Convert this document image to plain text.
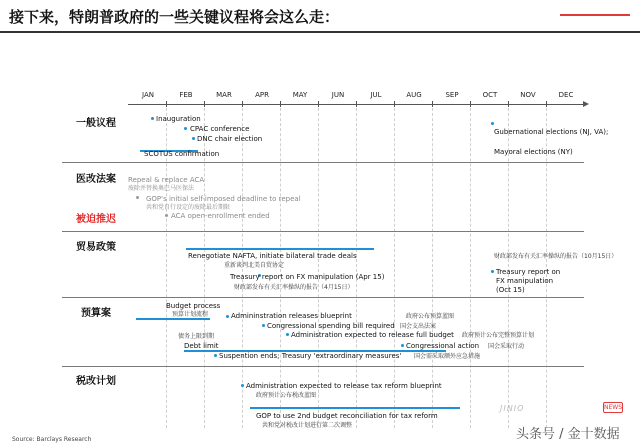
接下来，特朗普政府的一些关键议程将会这么走：
JAN	FEB	MAR	APR	MAY	JUN	JUL	AUG	SEP	OCT	NOV	DEC
一般议程
医改法案
被迫推迟
贸易政策
预算案
税改计划
Inauguration
CPAC conference
DNC chair election
SCOTUS confirmation
Gubernational elections (NJ, VA);
Mayoral elections (NY)
Repeal & replace ACA
废除并替换奥巴马医保法
GOP's initial self-imposed deadline to repeal
共和党自行设定的废除最后期限
ACA open-enrollment ended
Renegotiate NAFTA, initiate bilateral trade deals
重新谈判北美自贸协定
Treasury report on FX manipulation (Apr 15)
财政部发布有关汇率操纵的报告（4月15日）
财政部发布有关汇率操纵的报告（10月15日）
Treasury report on
FX manipulation
(Oct 15)
Budget process
预算计划流程	Admininstration releases blueprint	政府公布预算蓝图
Congressional spending bill required 国会支出法案
Administration expected to release full budget 政府预计公布完整预算计划
债务上限到期
Debt limit	Congressional action 国会采取行动
Suspention ends; Treasury 'extraordinary measures' 国会需采取额外应急措施
Administration expected to release tax reform blueprint
政府预计公布税改蓝图
GOP to use 2nd budget reconciliation for tax reform
共和党对税改计划进行第二次调整
Source: Barclays Research
JINIO	NEWS
头条号 / 金十数据
